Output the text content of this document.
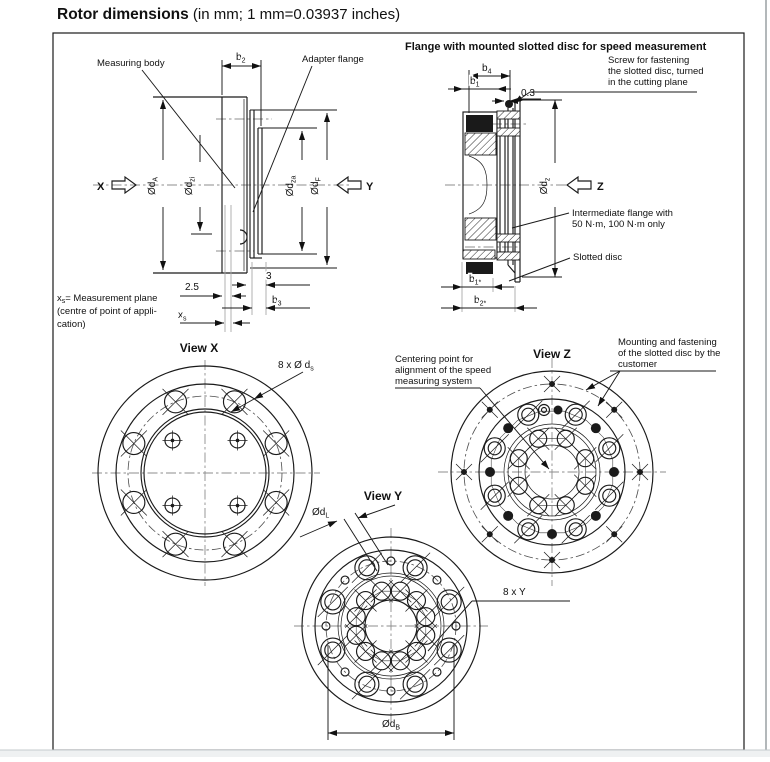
Rotor dimensions (in mm; 1 mm=0.03937 inches)
$b_2$
$Ød_A$
$Ød_{zi}$
$Ød_{za}$
$Ød_F$
2.5
3
$b_3$
$x_s$
Measuring body	Adapter flange
X	Y
$x_s=$ Measurement plane
(centre of point of appli-
cation)
Flange with mounted slotted disc for speed measurement
$b_4$
$b_1$
0.3
$Ød_z$
$b_{1*}$
$b_{2*}$
Z
Screw for fastening
the slotted disc, turned
in the cutting plane
Intermediate flange with
50 N·m, 100 N·m only
Slotted disc
View X
8 x Ø $d_s$
View Z
Centering point for
alignment of the speed
measuring system
Mounting and fastening
of the slotted disc by the
customer
View Y
$Ød_L$
8 x Y
$Ød_B$
